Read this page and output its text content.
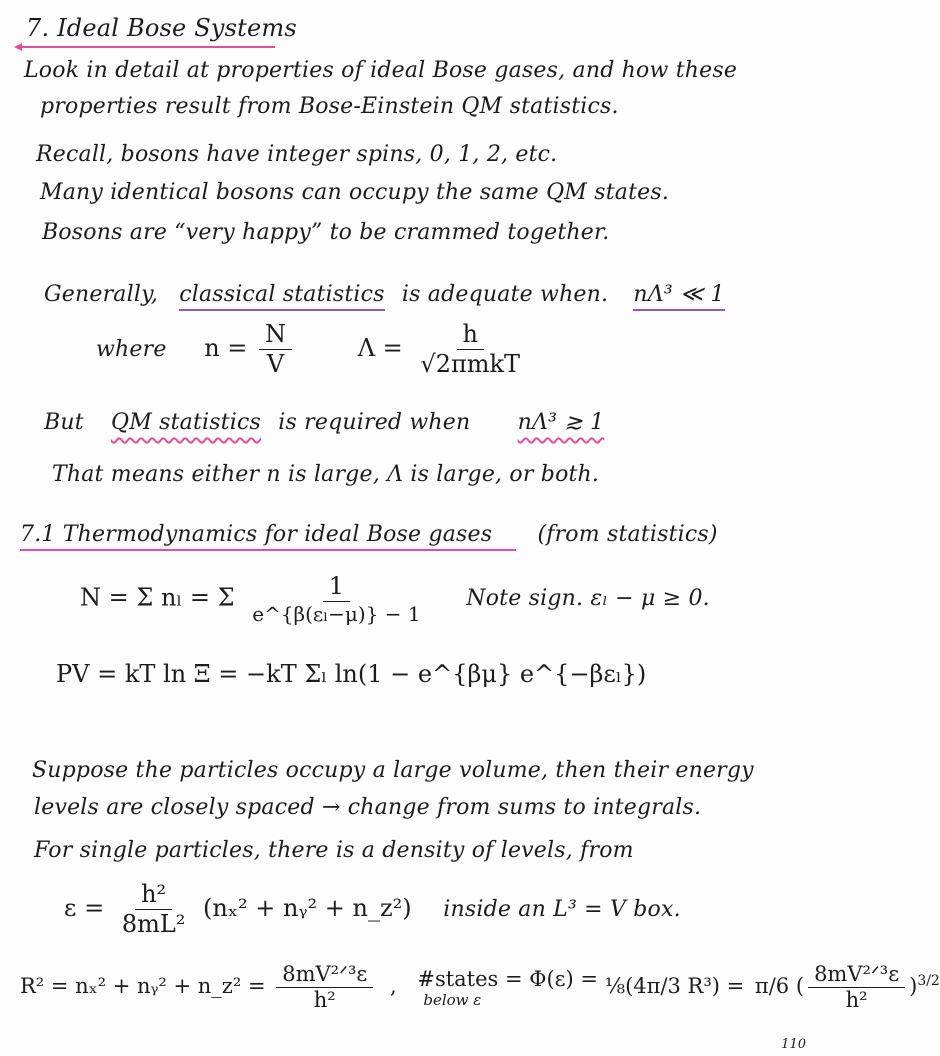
7. Ideal Bose Systems
Look in detail at properties of ideal Bose gases, and how these
properties result from Bose-Einstein QM statistics.
Recall, bosons have integer spins, 0, 1, 2, etc.
Many identical bosons can occupy the same QM states.
Bosons are “very happy” to be crammed together.
Generally, classical statistics is adequate when. nΛ³ ≪ 1
where $n = \frac{N}{V}$	$\Lambda = \frac{h}{\text{√2πmkT}}$
But QM statistics is required when nΛ³ ≳ 1
That means either n is large, Λ is large, or both.
7.1 Thermodynamics for ideal Bose gases (from statistics)
N = Σ nₗ = Σ $\frac{1}{\text{e\textasciicircum{}\{β(εₗ−μ)\} − 1}}$ Note sign. εₗ − μ ≥ 0.
PV = kT ln Ξ = −kT Σₗ ln(1 − e^{βμ} e^{−βεₗ})
Suppose the particles occupy a large volume, then their energy
levels are closely spaced → change from sums to integrals.
For single particles, there is a density of levels, from
$\varepsilon = \frac{\text{h²}}{\text{8mL²}} (n_x^2$ + nᵧ² + n_z²) inside an L³ = V box.
R² = nₓ² + nᵧ² + n_z² = $\frac{\text{8mV²ᐟ³ε}}{\text{h²}}$ , #states = Φ(ε) =
below ε
⅛(4π/3 R³) = π/6 ( $\frac{\text{8mV²ᐟ³ε}}{\text{h²}} )^{3/2}$
110
